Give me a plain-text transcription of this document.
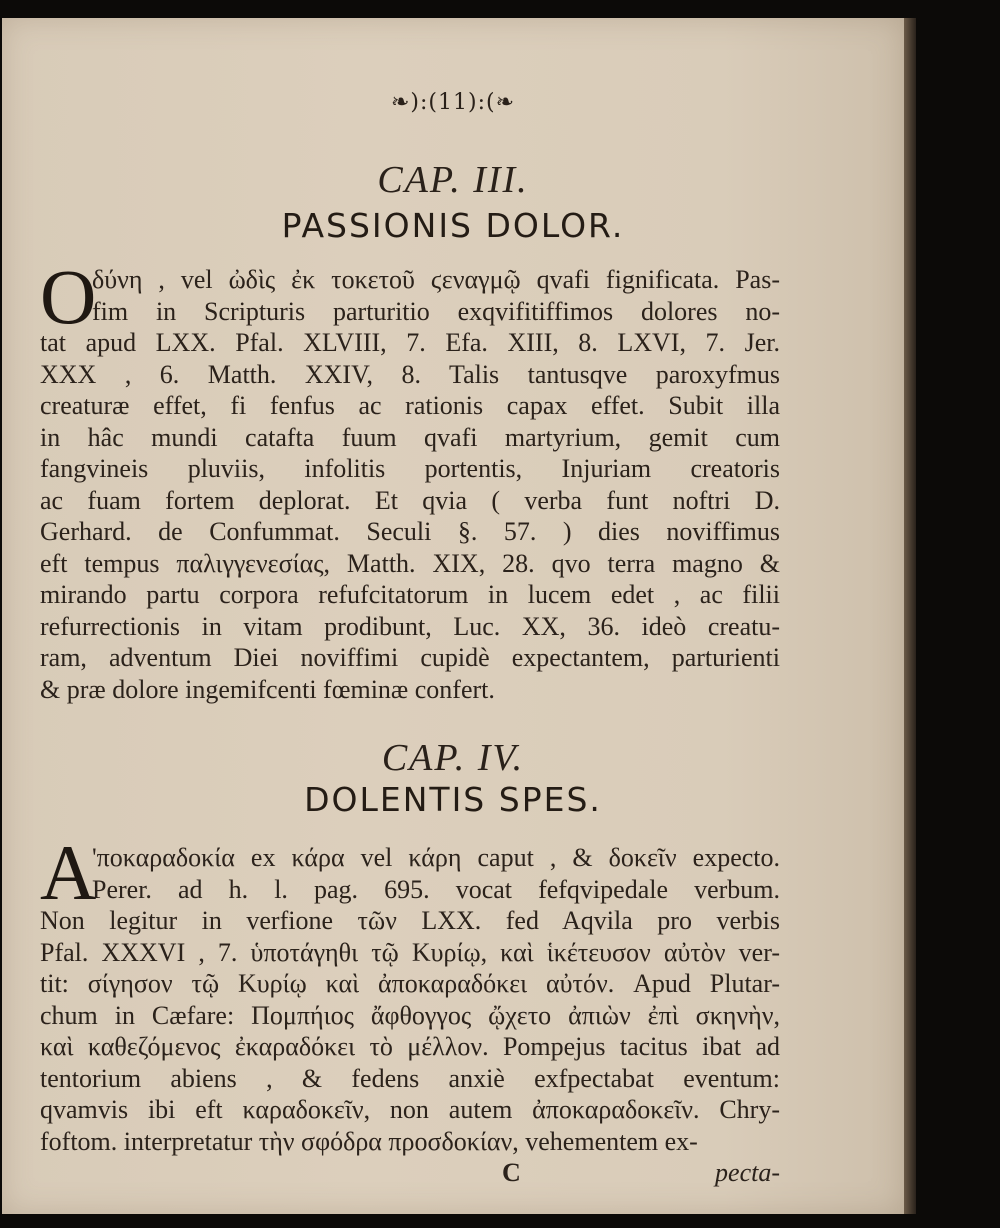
❧):(11):(❧
CAP. III.
PASSIONIS DOLOR.
O
δύνη , vel ὠδὶς ἐκ τοκετοῦ ϛεναγμῷ qvafi fignificata. Pas-
fim in Scripturis parturitio exqvifitiffimos dolores no-
tat apud LXX. Pfal. XLVIII, 7. Efa. XIII, 8. LXVI, 7. Jer.
XXX , 6. Matth. XXIV, 8. Talis tantusqve paroxyfmus
creaturæ effet, fi fenfus ac rationis capax effet. Subit illa
in hâc mundi catafta fuum qvafi martyrium, gemit cum
fangvineis pluviis, infolitis portentis, Injuriam creatoris
ac fuam fortem deplorat. Et qvia ( verba funt noftri D.
Gerhard. de Confummat. Seculi §. 57. ) dies noviffimus
eft tempus παλιγγενεσίας, Matth. XIX, 28. qvo terra magno &
mirando partu corpora refufcitatorum in lucem edet , ac filii
refurrectionis in vitam prodibunt, Luc. XX, 36. ideò creatu-
ram, adventum Diei noviffimi cupidè expectantem, parturienti
& præ dolore ingemifcenti fœminæ confert.
CAP. IV.
DOLENTIS SPES.
A
'ποκαραδοκία ex κάρα vel κάρη caput , & δοκεῖν expecto.
Perer. ad h. l. pag. 695. vocat fefqvipedale verbum.
Non legitur in verfione τῶν LXX. fed Aqvila pro verbis
Pfal. XXXVI , 7. ὑποτάγηθι τῷ Κυρίῳ, καὶ ἱκέτευσον αὐτὸν ver-
tit: σίγησον τῷ Κυρίῳ καὶ ἀποκαραδόκει αὐτόν. Apud Plutar-
chum in Cæfare: Πομπήιος ἄφθογγος ᾤχετο ἀπιὼν ἐπὶ σκηνὴν,
καὶ καθεζόμενος ἐκαραδόκει τὸ μέλλον. Pompejus tacitus ibat ad
tentorium abiens , & fedens anxiè exfpectabat eventum:
qvamvis ibi eft καραδοκεῖν, non autem ἀποκαραδοκεῖν. Chry-
foftom. interpretatur τὴν σφόδρα προσδοκίαν, vehementem ex-
C	pecta-
